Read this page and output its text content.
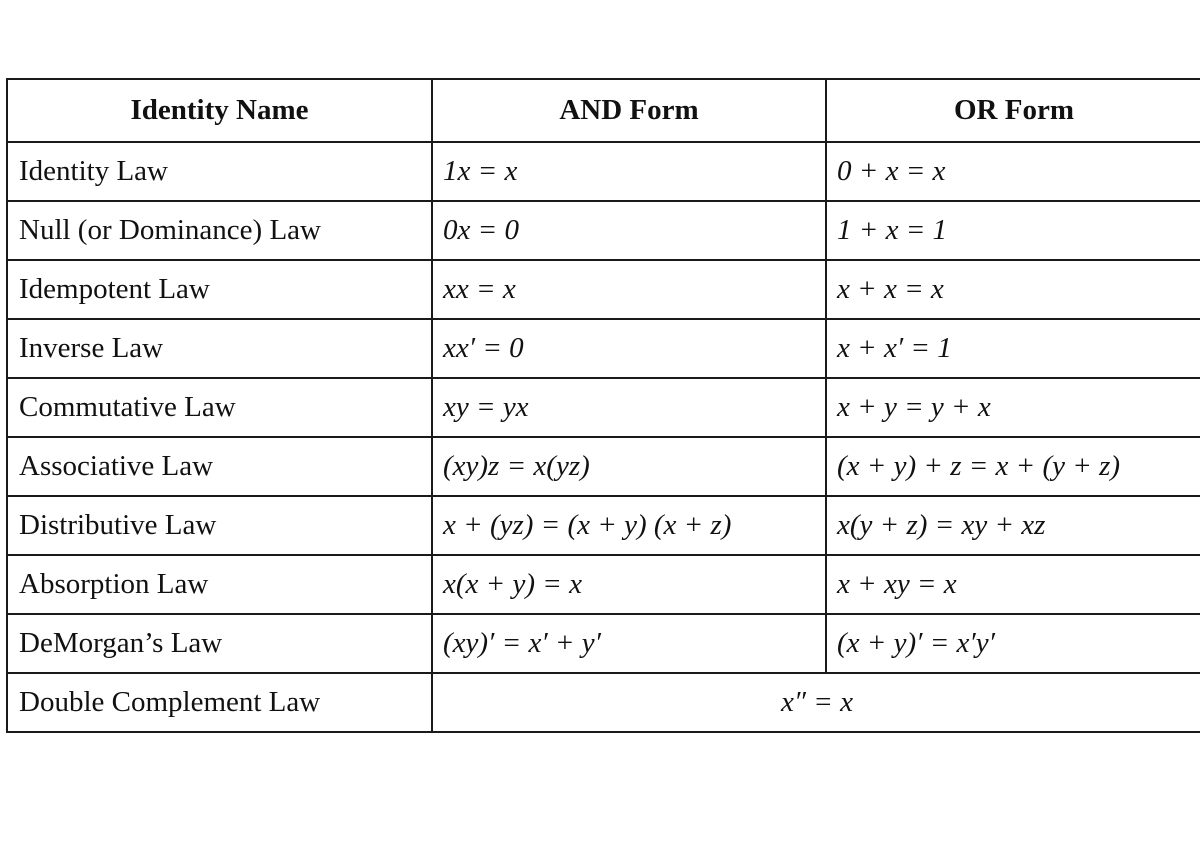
Identity Name	AND Form	OR Form
Identity Law	1x = x	0 + x = x
Null (or Dominance) Law	0x = 0	1 + x = 1
Idempotent Law	xx = x	x + x = x
Inverse Law	xx′ = 0	x + x′ = 1
Commutative Law	xy = yx	x + y = y + x
Associative Law	(xy)z = x(yz)	(x + y) + z = x + (y + z)
Distributive Law	x + (yz) = (x + y) (x + z)	x(y + z) = xy + xz
Absorption Law	x(x + y) = x	x + xy = x
DeMorgan’s Law	(xy)′ = x′ + y′	(x + y)′ = x′y′
Double Complement Law	x″ = x	
